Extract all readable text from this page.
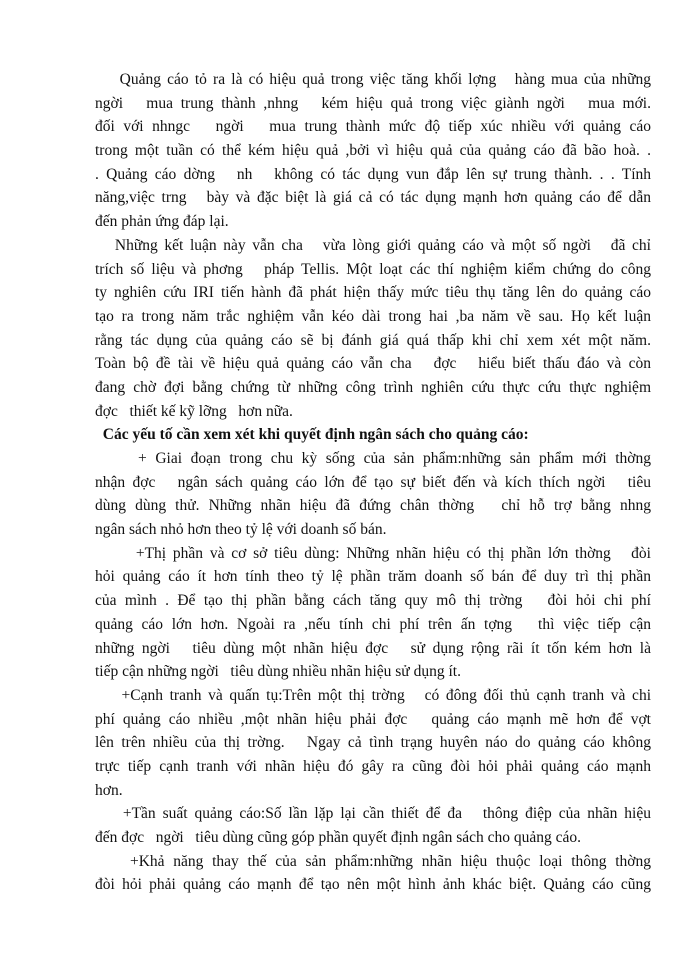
Quảng cáo tỏ ra là có hiệu quả trong việc tăng khối lợng   hàng mua của những
ngời   mua trung thành ,nhng   kém hiệu quả trong việc giành ngời   mua mới.
đối với nhngc   ngời   mua trung thành mức độ tiếp xúc nhiều với quảng cáo
trong một tuần có thể kém hiệu quả ,bởi vì hiệu quả của quảng cáo đã bão hoà. .
. Quảng cáo dờng   nh   không có tác dụng vun đắp lên sự trung thành. . . Tính
năng,việc trng   bày và đặc biệt là giá cả có tác dụng mạnh hơn quảng cáo để dẫn
đến phản ứng đáp lại.
Những kết luận này vẫn cha   vừa lòng giới quảng cáo và một số ngời   đã chỉ
trích số liệu và phơng   pháp Tellis. Một loạt các thí nghiệm kiểm chứng do công
ty nghiên cứu IRI tiến hành đã phát hiện thấy mức tiêu thụ tăng lên do quảng cáo
tạo ra trong năm trắc nghiệm vẫn kéo dài trong hai ,ba năm về sau. Họ kết luận
rằng tác dụng của quảng cáo sẽ bị đánh giá quá thấp khi chỉ xem xét một năm.
Toàn bộ đề tài về hiệu quả quảng cáo vẫn cha   đợc   hiểu biết thấu đáo và còn
đang chờ đợi bằng chứng từ những công trình nghiên cứu thực cứu thực nghiệm
đợc   thiết kế kỹ lỡng   hơn nữa.
Các yếu tố cần xem xét khi quyết định ngân sách cho quảng cáo:
+ Giai đoạn trong chu kỳ sống của sản phẩm:những sản phẩm mới thờng
nhận đợc   ngân sách quảng cáo lớn để tạo sự biết đến và kích thích ngời   tiêu
dùng dùng thử. Những nhãn hiệu đã đứng chân thờng   chỉ hỗ trợ bằng nhng
ngân sách nhỏ hơn theo tỷ lệ với doanh số bán.
+Thị phần và cơ sở tiêu dùng: Những nhãn hiệu có thị phần lớn thờng   đòi
hỏi quảng cáo ít hơn tính theo tỷ lệ phần trăm doanh số bán để duy trì thị phần
của mình . Để tạo thị phần bằng cách tăng quy mô thị trờng   đòi hỏi chi phí
quảng cáo lớn hơn. Ngoài ra ,nếu tính chi phí trên ấn tợng   thì việc tiếp cận
những ngời   tiêu dùng một nhãn hiệu đợc   sử dụng rộng rãi ít tốn kém hơn là
tiếp cận những ngời   tiêu dùng nhiều nhãn hiệu sử dụng ít.
+Cạnh tranh và quấn tụ:Trên một thị trờng   có đông đối thủ cạnh tranh và chi
phí quảng cáo nhiều ,một nhãn hiệu phải đợc   quảng cáo mạnh mẽ hơn để vợt
lên trên nhiều của thị trờng.   Ngay cả tình trạng huyên náo do quảng cáo không
trực tiếp cạnh tranh với nhãn hiệu đó gây ra cũng đòi hỏi phải quảng cáo mạnh
hơn.
+Tần suất quảng cáo:Số lần lặp lại cần thiết để đa   thông điệp của nhãn hiệu
đến đợc   ngời   tiêu dùng cũng góp phần quyết định ngân sách cho quảng cáo.
+Khả năng thay thế của sản phẩm:những nhãn hiệu thuộc loại thông thờng
đòi hỏi phải quảng cáo mạnh để tạo nên một hình ảnh khác biệt. Quảng cáo cũng
